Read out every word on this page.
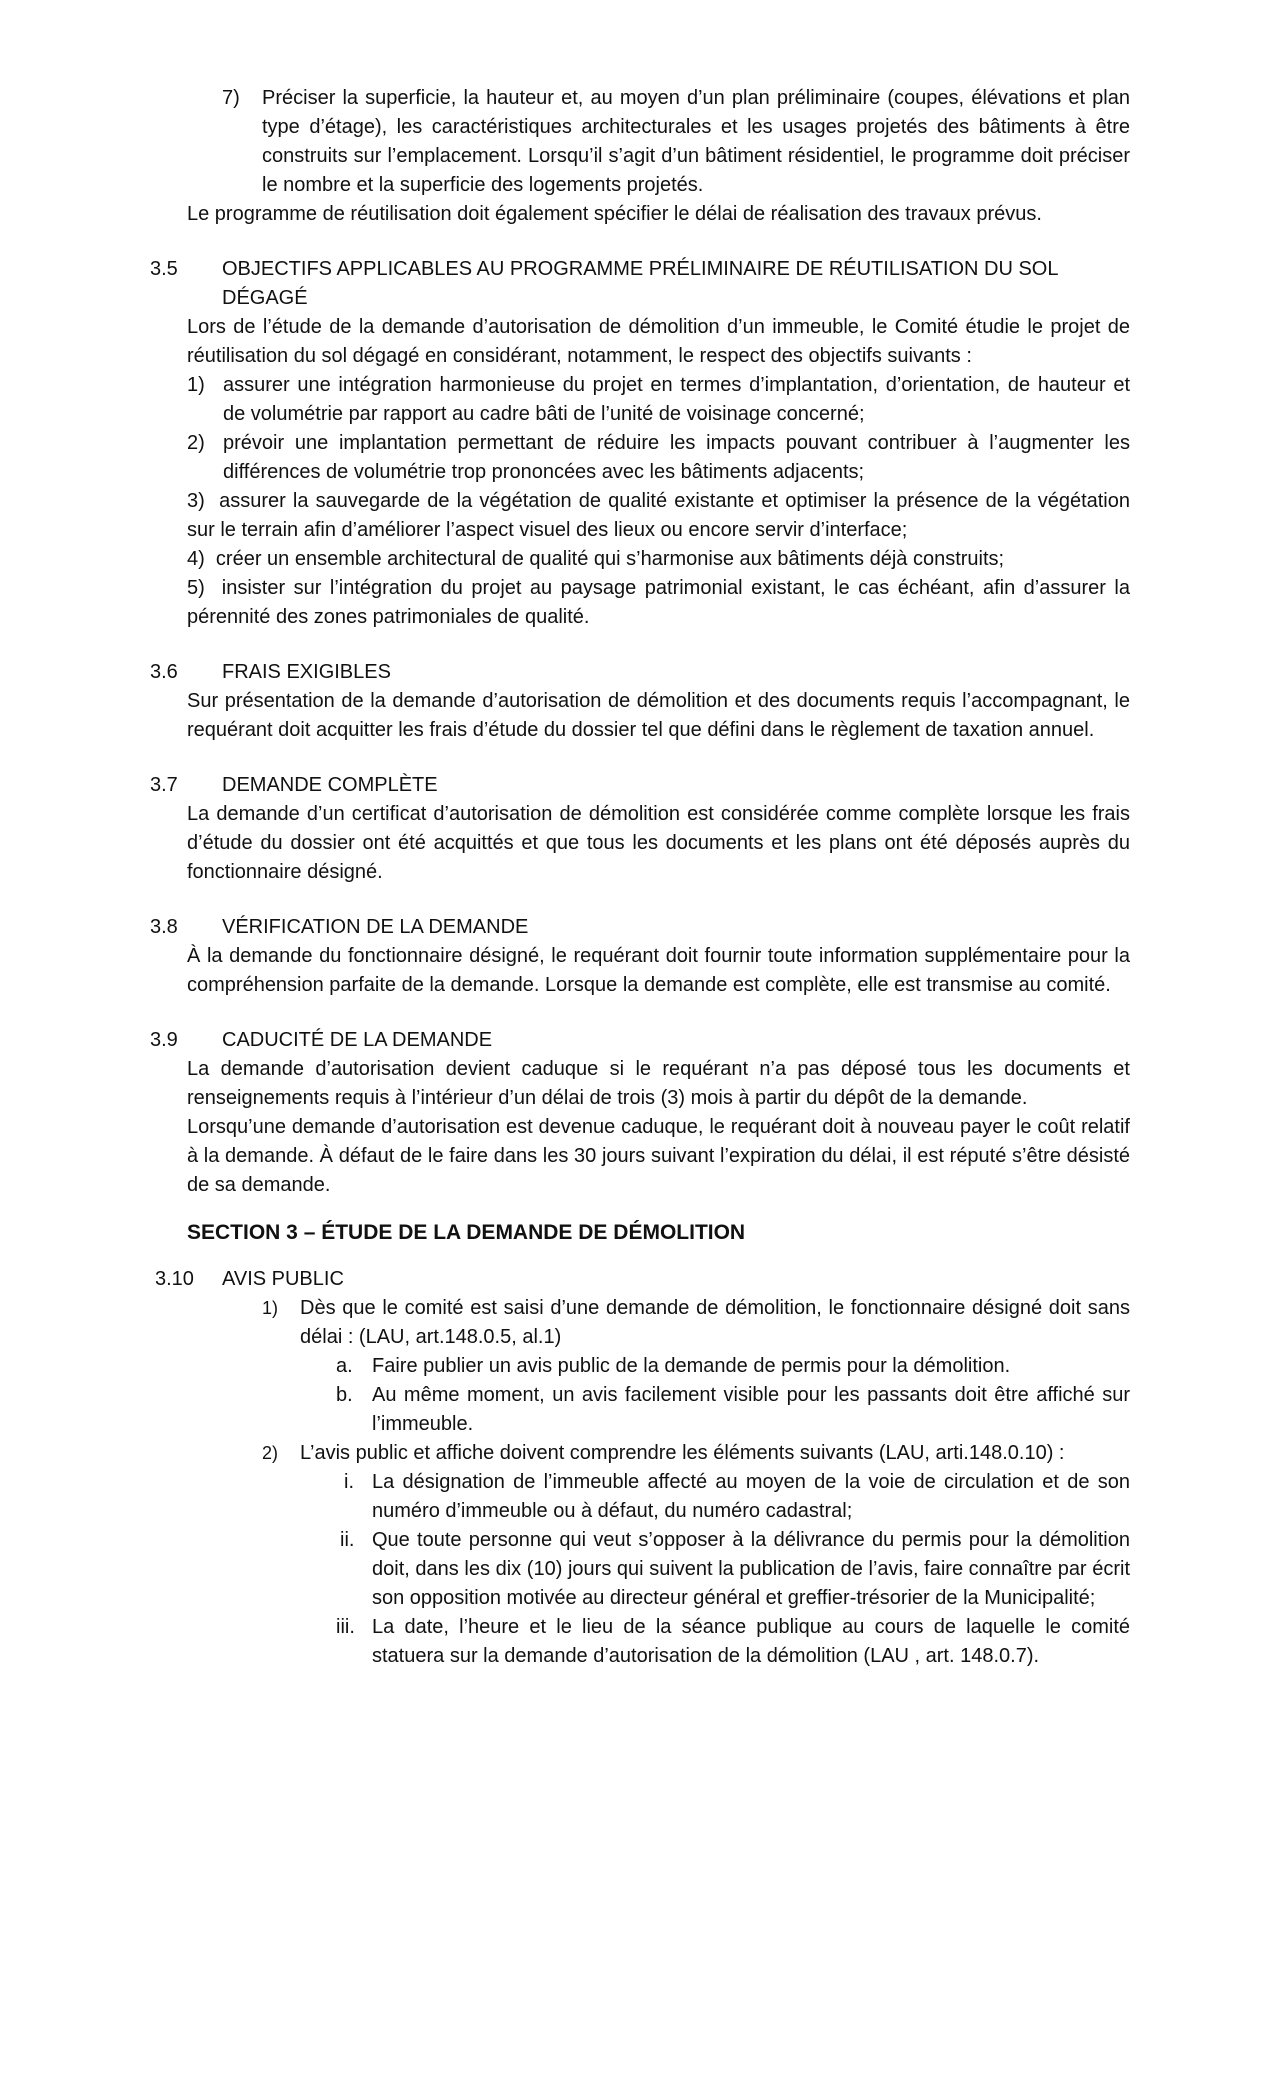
7) Préciser la superficie, la hauteur et, au moyen d’un plan préliminaire (coupes, élévations et plan type d’étage), les caractéristiques architecturales et les usages projetés des bâtiments à être construits sur l’emplacement. Lorsqu’il s’agit d’un bâtiment résidentiel, le programme doit préciser le nombre et la superficie des logements projetés.
Le programme de réutilisation doit également spécifier le délai de réalisation des travaux prévus.
3.5 OBJECTIFS APPLICABLES AU PROGRAMME PRÉLIMINAIRE DE RÉUTILISATION DU SOL DÉGAGÉ
Lors de l’étude de la demande d’autorisation de démolition d’un immeuble, le Comité étudie le projet de réutilisation du sol dégagé en considérant, notamment, le respect des objectifs suivants :
1) assurer une intégration harmonieuse du projet en termes d’implantation, d’orientation, de hauteur et de volumétrie par rapport au cadre bâti de l’unité de voisinage concerné;
2) prévoir une implantation permettant de réduire les impacts pouvant contribuer à l’augmenter les différences de volumétrie trop prononcées avec les bâtiments adjacents;
3) assurer la sauvegarde de la végétation de qualité existante et optimiser la présence de la végétation sur le terrain afin d’améliorer l’aspect visuel des lieux ou encore servir d’interface;
4) créer un ensemble architectural de qualité qui s’harmonise aux bâtiments déjà construits;
5) insister sur l’intégration du projet au paysage patrimonial existant, le cas échéant, afin d’assurer la pérennité des zones patrimoniales de qualité.
3.6 FRAIS EXIGIBLES
Sur présentation de la demande d’autorisation de démolition et des documents requis l’accompagnant, le requérant doit acquitter les frais d’étude du dossier tel que défini dans le règlement de taxation annuel.
3.7 DEMANDE COMPLÈTE
La demande d’un certificat d’autorisation de démolition est considérée comme complète lorsque les frais d’étude du dossier ont été acquittés et que tous les documents et les plans ont été déposés auprès du fonctionnaire désigné.
3.8 VÉRIFICATION DE LA DEMANDE
À la demande du fonctionnaire désigné, le requérant doit fournir toute information supplémentaire pour la compréhension parfaite de la demande. Lorsque la demande est complète, elle est transmise au comité.
3.9 CADUCITÉ DE LA DEMANDE
La demande d’autorisation devient caduque si le requérant n’a pas déposé tous les documents et renseignements requis à l’intérieur d’un délai de trois (3) mois à partir du dépôt de la demande.
Lorsqu’une demande d’autorisation est devenue caduque, le requérant doit à nouveau payer le coût relatif à la demande. À défaut de le faire dans les 30 jours suivant l’expiration du délai, il est réputé s’être désisté de sa demande.
SECTION 3 – ÉTUDE DE LA DEMANDE DE DÉMOLITION
3.10 AVIS PUBLIC
1) Dès que le comité est saisi d’une demande de démolition, le fonctionnaire désigné doit sans délai : (LAU, art.148.0.5, al.1)
a. Faire publier un avis public de la demande de permis pour la démolition.
b. Au même moment, un avis facilement visible pour les passants doit être affiché sur l’immeuble.
2) L’avis public et affiche doivent comprendre les éléments suivants (LAU, arti.148.0.10) :
i. La désignation de l’immeuble affecté au moyen de la voie de circulation et de son numéro d’immeuble ou à défaut, du numéro cadastral;
ii. Que toute personne qui veut s’opposer à la délivrance du permis pour la démolition doit, dans les dix (10) jours qui suivent la publication de l’avis, faire connaître par écrit son opposition motivée au directeur général et greffier-trésorier de la Municipalité;
iii. La date, l’heure et le lieu de la séance publique au cours de laquelle le comité statuera sur la demande d’autorisation de la démolition (LAU , art. 148.0.7).
